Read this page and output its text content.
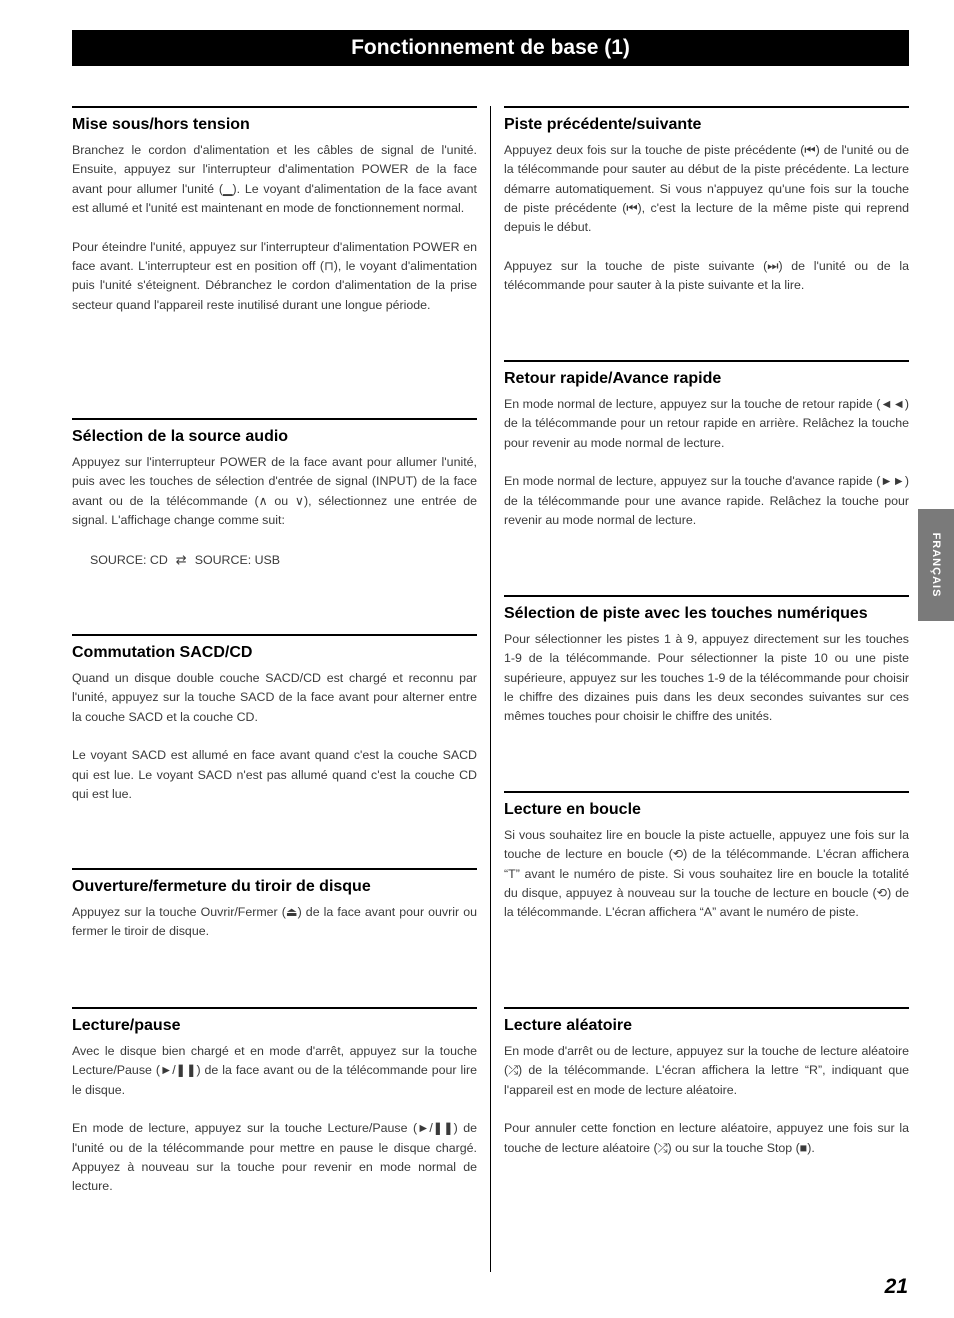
Fonctionnement de base (1)
Mise sous/hors tension

Branchez le cordon d'alimentation et les câbles de signal de l'unité. Ensuite, appuyez sur l'interrupteur d'alimentation POWER de la face avant pour allumer l'unité (▁). Le voyant d'alimentation de la face avant est allumé et l'unité est maintenant en mode de fonctionnement normal.

Pour éteindre l'unité, appuyez sur l'interrupteur d'alimentation POWER en face avant. L'interrupteur est en position off (⊓), le voyant d'alimentation puis l'unité s'éteignent. Débranchez le cordon d'alimentation de la prise secteur quand l'appareil reste inutilisé durant une longue période.

Sélection de la source audio

Appuyez sur l'interrupteur POWER de la face avant pour allumer l'unité, puis avec les touches de sélection d'entrée de signal (INPUT) de la face avant ou de la télécommande (∧ ou ∨), sélectionnez une entrée de signal. L'affichage change comme suit:

SOURCE: CD ⇄ SOURCE: USB
Commutation SACD/CD

Quand un disque double couche SACD/CD est chargé et reconnu par l'unité, appuyez sur la touche SACD de la face avant pour alterner entre la couche SACD et la couche CD.

Le voyant SACD est allumé en face avant quand c'est la couche SACD qui est lue. Le voyant SACD n'est pas allumé quand c'est la couche CD qui est lue.

Ouverture/fermeture du tiroir de disque

Appuyez sur la touche Ouvrir/Fermer (⏏) de la face avant pour ouvrir ou fermer le tiroir de disque.

Lecture/pause

Avec le disque bien chargé et en mode d'arrêt, appuyez sur la touche Lecture/Pause (►/❚❚) de la face avant ou de la télécommande pour lire le disque.

En mode de lecture, appuyez sur la touche Lecture/Pause (►/❚❚) de l'unité ou de la télécommande pour mettre en pause le disque chargé. Appuyez à nouveau sur la touche pour revenir en mode normal de lecture.

Piste précédente/suivante

Appuyez deux fois sur la touche de piste précédente (⏮) de l'unité ou de la télécommande pour sauter au début de la piste précédente. La lecture démarre automatiquement. Si vous n'appuyez qu'une fois sur la touche de piste précédente (⏮), c'est la lecture de la même piste qui reprend depuis le début.

Appuyez sur la touche de piste suivante (⏭) de l'unité ou de la télécommande pour sauter à la piste suivante et la lire.

Retour rapide/Avance rapide

En mode normal de lecture, appuyez sur la touche de retour rapide (◄◄) de la télécommande pour un retour rapide en arrière. Relâchez la touche pour revenir au mode normal de lecture.

En mode normal de lecture, appuyez sur la touche d'avance rapide (►►) de la télécommande pour une avance rapide. Relâchez la touche pour revenir au mode normal de lecture.

Sélection de piste avec les touches numériques

Pour sélectionner les pistes 1 à 9, appuyez directement sur les touches 1-9 de la télécommande. Pour sélectionner la piste 10 ou une piste supérieure, appuyez sur les touches 1-9 de la télécommande pour choisir le chiffre des dizaines puis dans les deux secondes suivantes sur ces mêmes touches pour choisir le chiffre des unités.

Lecture en boucle

Si vous souhaitez lire en boucle la piste actuelle, appuyez une fois sur la touche de lecture en boucle (⟲) de la télécommande. L'écran affichera “T” avant le numéro de piste. Si vous souhaitez lire en boucle la totalité du disque, appuyez à nouveau sur la touche de lecture en boucle (⟲) de la télécommande. L'écran affichera “A” avant le numéro de piste.

Lecture aléatoire

En mode d'arrêt ou de lecture, appuyez sur la touche de lecture aléatoire (⤮) de la télécommande. L'écran affichera la lettre “R”, indiquant que l'appareil est en mode de lecture aléatoire.

Pour annuler cette fonction en lecture aléatoire, appuyez une fois sur la touche de lecture aléatoire (⤮) ou sur la touche Stop (■).

FRANÇAIS
21
